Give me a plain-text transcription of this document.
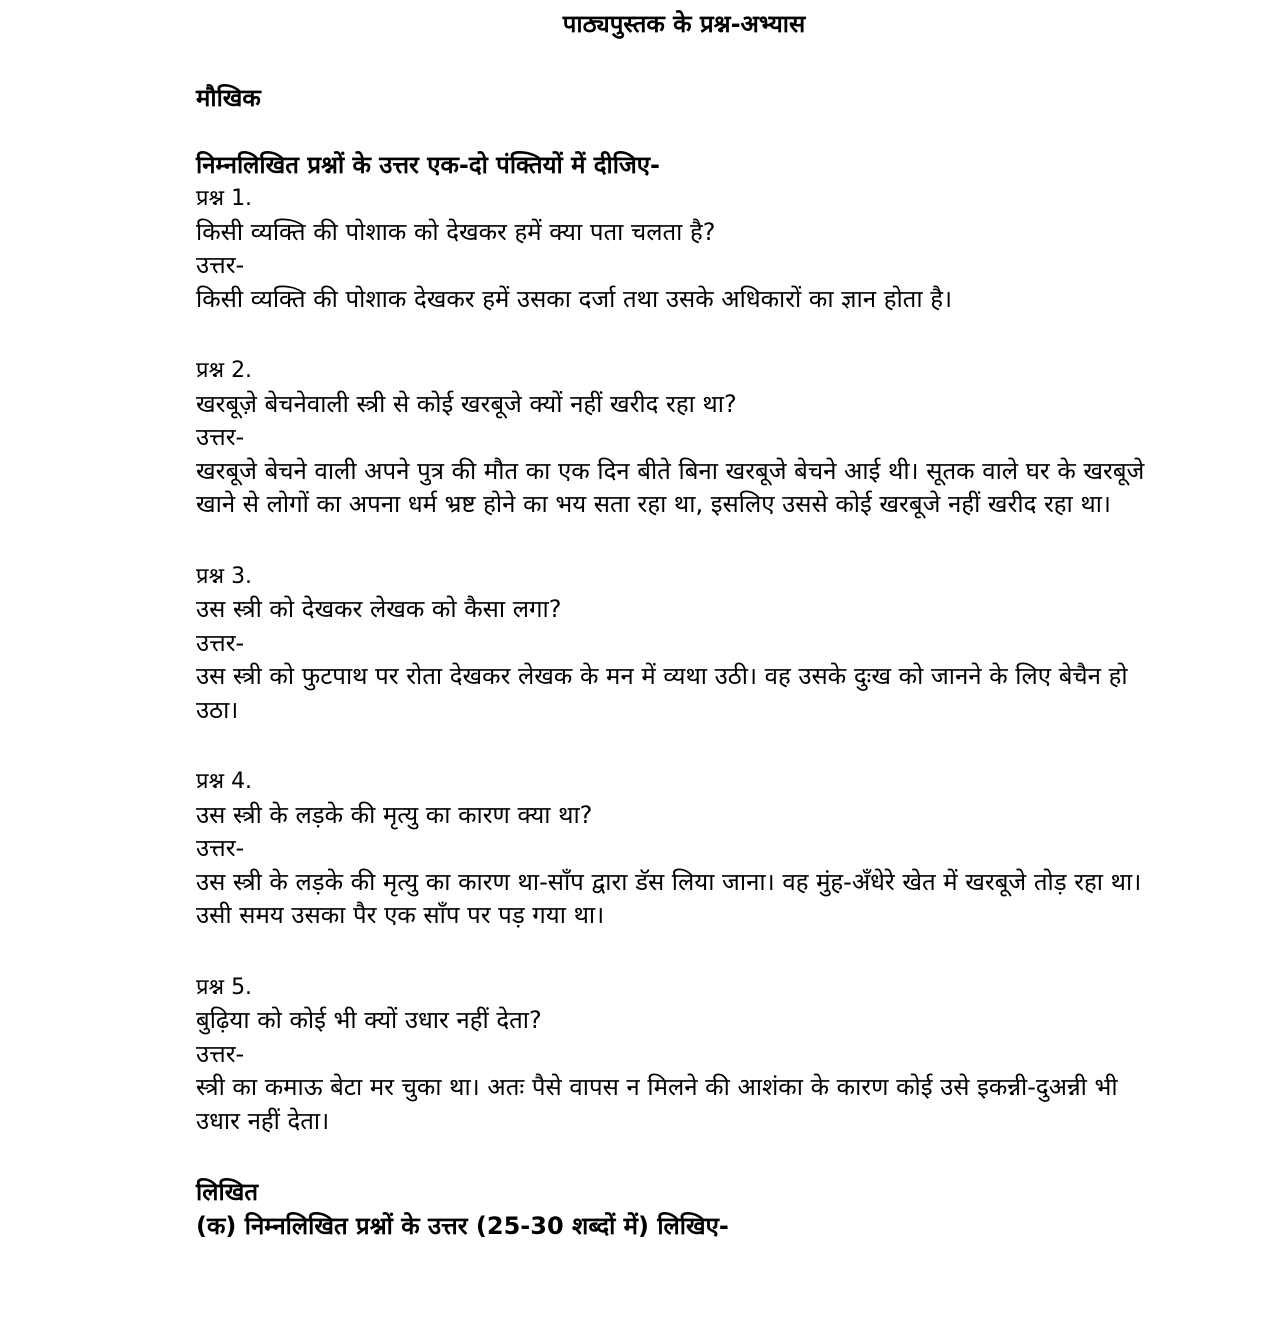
पाठ्यपुस्तक के प्रश्न-अभ्यास

मौखिक

निम्नलिखित प्रश्नों के उत्तर एक-दो पंक्तियों में दीजिए-

प्रश्न 1.

किसी व्यक्ति की पोशाक को देखकर हमें क्या पता चलता है?

उत्तर-

किसी व्यक्ति की पोशाक देखकर हमें उसका दर्जा तथा उसके अधिकारों का ज्ञान होता है।

प्रश्न 2.

खरबूज़े बेचनेवाली स्त्री से कोई खरबूजे क्यों नहीं खरीद रहा था?

उत्तर-

खरबूजे बेचने वाली अपने पुत्र की मौत का एक दिन बीते बिना खरबूजे बेचने आई थी। सूतक वाले घर के खरबूजे खाने से लोगों का अपना धर्म भ्रष्ट होने का भय सता रहा था, इसलिए उससे कोई खरबूजे नहीं खरीद रहा था।

प्रश्न 3.

उस स्त्री को देखकर लेखक को कैसा लगा?

उत्तर-

उस स्त्री को फुटपाथ पर रोता देखकर लेखक के मन में व्यथा उठी। वह उसके दुःख को जानने के लिए बेचैन हो उठा।

प्रश्न 4.

उस स्त्री के लड़के की मृत्यु का कारण क्या था?

उत्तर-

उस स्त्री के लड़के की मृत्यु का कारण था-साँप द्वारा डॅस लिया जाना। वह मुंह-अँधेरे खेत में खरबूजे तोड़ रहा था। उसी समय उसका पैर एक साँप पर पड़ गया था।

प्रश्न 5.

बुढ़िया को कोई भी क्यों उधार नहीं देता?

उत्तर-

स्त्री का कमाऊ बेटा मर चुका था। अतः पैसे वापस न मिलने की आशंका के कारण कोई उसे इकन्नी-दुअन्नी भी उधार नहीं देता।

लिखित

(क) निम्नलिखित प्रश्नों के उत्तर (25-30 शब्दों में) लिखिए-
